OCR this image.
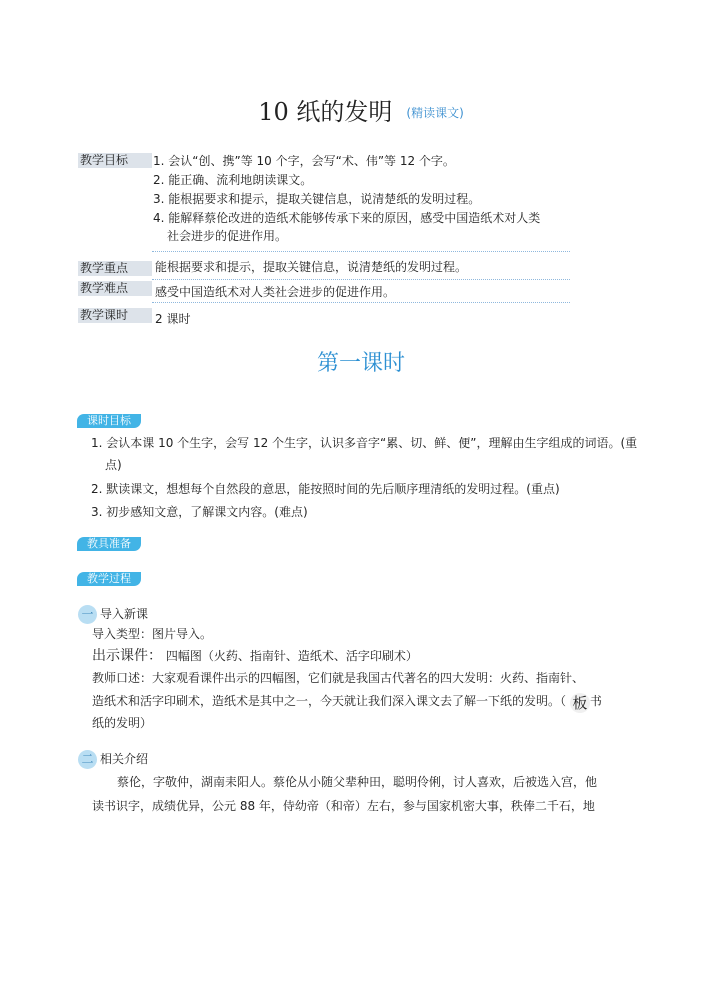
10 纸的发明 (精读课文)
教学目标	1. 会认“创、携”等 10 个字，会写“术、伟”等 12 个字。
2. 能正确、流利地朗读课文。
3. 能根据要求和提示，提取关键信息，说清楚纸的发明过程。
4. 能解释蔡伦改进的造纸术能够传承下来的原因，感受中国造纸术对人类
社会进步的促进作用。
教学重点	能根据要求和提示，提取关键信息，说清楚纸的发明过程。
教学难点	感受中国造纸术对人类社会进步的促进作用。
教学课时	2 课时
第一课时
课时目标
1. 会认本课 10 个生字，会写 12 个生字，认识多音字“累、切、鲜、便”，理解由生字组成的词语。(重
点)
2. 默读课文，想想每个自然段的意思，能按照时间的先后顺序理清纸的发明过程。(重点)
3. 初步感知文意，了解课文内容。(难点)
教具准备
教学过程
一 导入新课
导入类型：图片导入。
出示课件： 四幅图（火药、指南针、造纸术、活字印刷术）
教师口述：大家观看课件出示的四幅图，它们就是我国古代著名的四大发明：火药、指南针、
造纸术和活字印刷术，造纸术是其中之一，今天就让我们深入课文去了解一下纸的发明。（ 板 书
纸的发明）
二 相关介绍
蔡伦，字敬仲，湖南耒阳人。蔡伦从小随父辈种田，聪明伶俐，讨人喜欢，后被选入宫，他
读书识字，成绩优异，公元 88 年，侍幼帝（和帝）左右，参与国家机密大事，秩俸二千石，地
